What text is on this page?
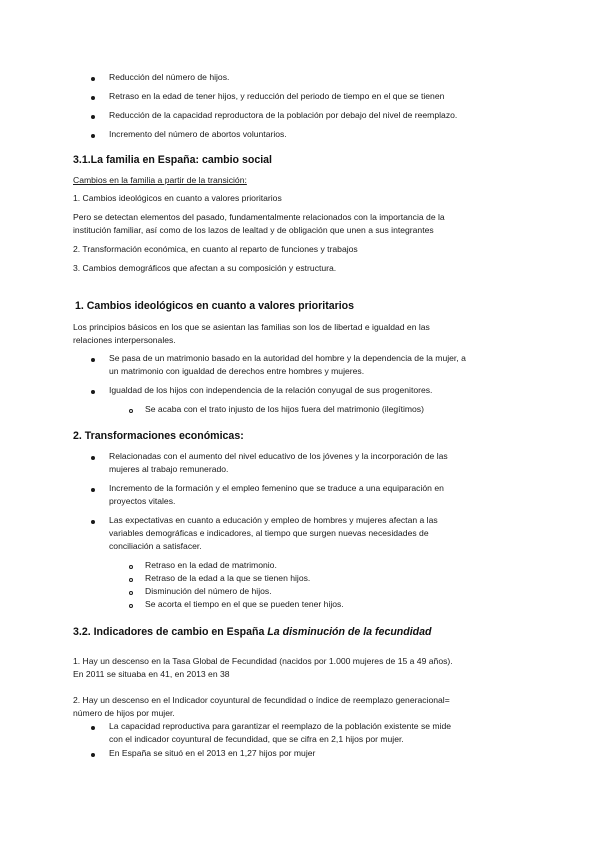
Reducción del número de hijos.
Retraso en la edad de tener hijos, y reducción del periodo de tiempo en el que se tienen
Reducción de la capacidad reproductora de la población por debajo del nivel de reemplazo.
Incremento del número de abortos voluntarios.
3.1.La familia en España: cambio social
Cambios en la familia a partir de la transición:
1. Cambios ideológicos en cuanto a valores prioritarios
Pero se detectan elementos del pasado, fundamentalmente relacionados con la importancia de la
institución familiar, así como de los lazos de lealtad y de obligación que unen a sus integrantes
2. Transformación económica, en cuanto al reparto de funciones y trabajos
3. Cambios demográficos que afectan a su composición y estructura.
1. Cambios ideológicos en cuanto a valores prioritarios
Los principios básicos en los que se asientan las familias son los de libertad e igualdad en las
relaciones interpersonales.
Se pasa de un matrimonio basado en la autoridad del hombre y la dependencia de la mujer, a
un matrimonio con igualdad de derechos entre hombres y mujeres.
Igualdad de los hijos con independencia de la relación conyugal de sus progenitores.
Se acaba con el trato injusto de los hijos fuera del matrimonio (ilegítimos)
2. Transformaciones económicas:
Relacionadas con el aumento del nivel educativo de los jóvenes y la incorporación de las
mujeres al trabajo remunerado.
Incremento de la formación y el empleo femenino que se traduce a una equiparación en
proyectos vitales.
Las expectativas en cuanto a educación y empleo de hombres y mujeres afectan a las
variables demográficas e indicadores, al tiempo que surgen nuevas necesidades de
conciliación a satisfacer.
Retraso en la edad de matrimonio.
Retraso de la edad a la que se tienen hijos.
Disminución del número de hijos.
Se acorta el tiempo en el que se pueden tener hijos.
3.2. Indicadores de cambio en España La disminución de la fecundidad
1. Hay un descenso en la Tasa Global de Fecundidad (nacidos por 1.000 mujeres de 15 a 49 años).
En 2011 se situaba en 41, en 2013 en 38
2. Hay un descenso en el Indicador coyuntural de fecundidad o índice de reemplazo generacional=
número de hijos por mujer.
La capacidad reproductiva para garantizar el reemplazo de la población existente se mide
con el indicador coyuntural de fecundidad, que se cifra en 2,1 hijos por mujer.
En España se situó en el 2013 en 1,27 hijos por mujer
